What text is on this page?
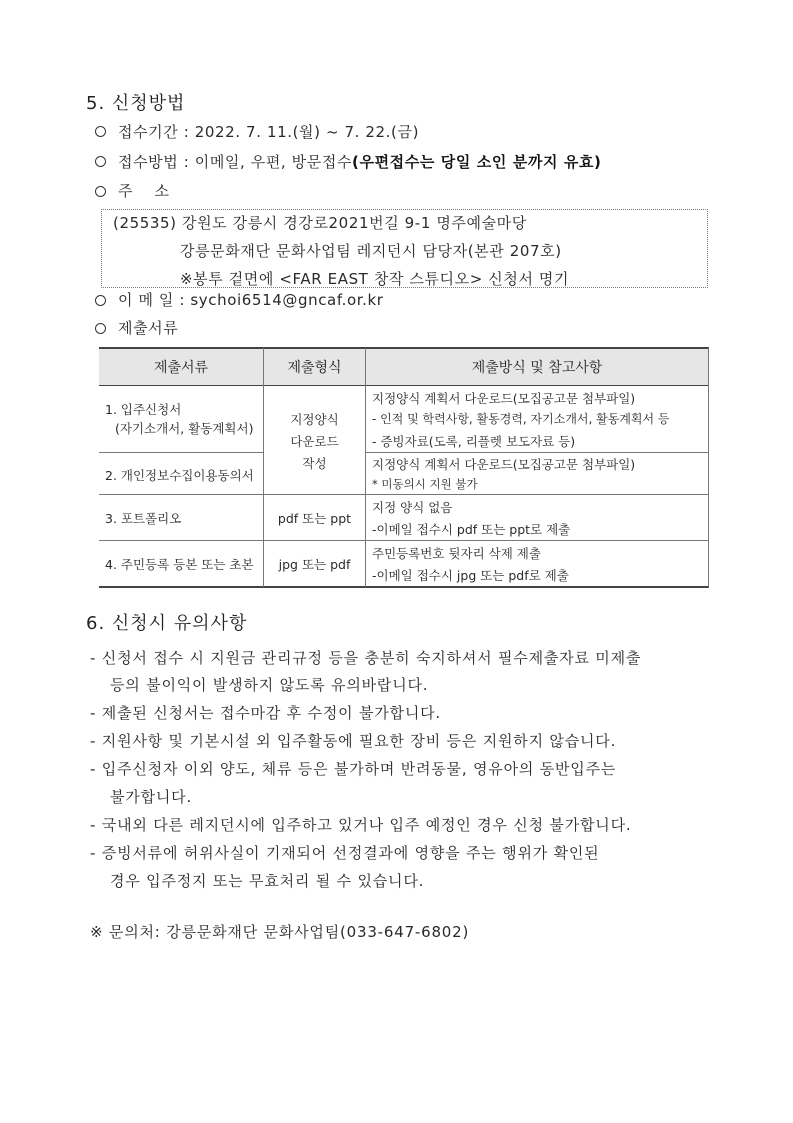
5. 신청방법
접수기간 : 2022. 7. 11.(월) ~ 7. 22.(금)
접수방법 : 이메일, 우편, 방문접수(우편접수는 당일 소인 분까지 유효)
주    소
(25535) 강원도 강릉시 경강로2021번길 9-1 명주예술마당
강릉문화재단 문화사업팀 레지던시 담당자(본관 207호)
※봉투 겉면에 <FAR EAST 창작 스튜디오> 신청서 명기
이 메 일 : sychoi6514@gncaf.or.kr
제출서류
제출서류	제출형식	제출방식 및 참고사항
1. 입주신청서
(자기소개서, 활동계획서)
2. 개인정보수집이용동의서
3. 포트폴리오
4. 주민등록 등본 또는 초본
지정양식
다운로드
작성
pdf 또는 ppt
jpg 또는 pdf
지정양식 계획서 다운로드(모집공고문 첨부파일)
- 인적 및 학력사항, 활동경력, 자기소개서, 활동계획서 등
- 증빙자료(도록, 리플렛 보도자료 등)
지정양식 계획서 다운로드(모집공고문 첨부파일)
* 미동의시 지원 불가
지정 양식 없음
-이메일 접수시 pdf 또는 ppt로 제출
주민등록번호 뒷자리 삭제 제출
-이메일 접수시 jpg 또는 pdf로 제출
6. 신청시 유의사항
- 신청서 접수 시 지원금 관리규정 등을 충분히 숙지하셔서 필수제출자료 미제출
등의 불이익이 발생하지 않도록 유의바랍니다.
- 제출된 신청서는 접수마감 후 수정이 불가합니다.
- 지원사항 및 기본시설 외 입주활동에 필요한 장비 등은 지원하지 않습니다.
- 입주신청자 이외 양도, 체류 등은 불가하며 반려동물, 영유아의 동반입주는
불가합니다.
- 국내외 다른 레지던시에 입주하고 있거나 입주 예정인 경우 신청 불가합니다.
- 증빙서류에 허위사실이 기재되어 선정결과에 영향을 주는 행위가 확인된
경우 입주정지 또는 무효처리 될 수 있습니다.
※ 문의처: 강릉문화재단 문화사업팀(033-647-6802)
